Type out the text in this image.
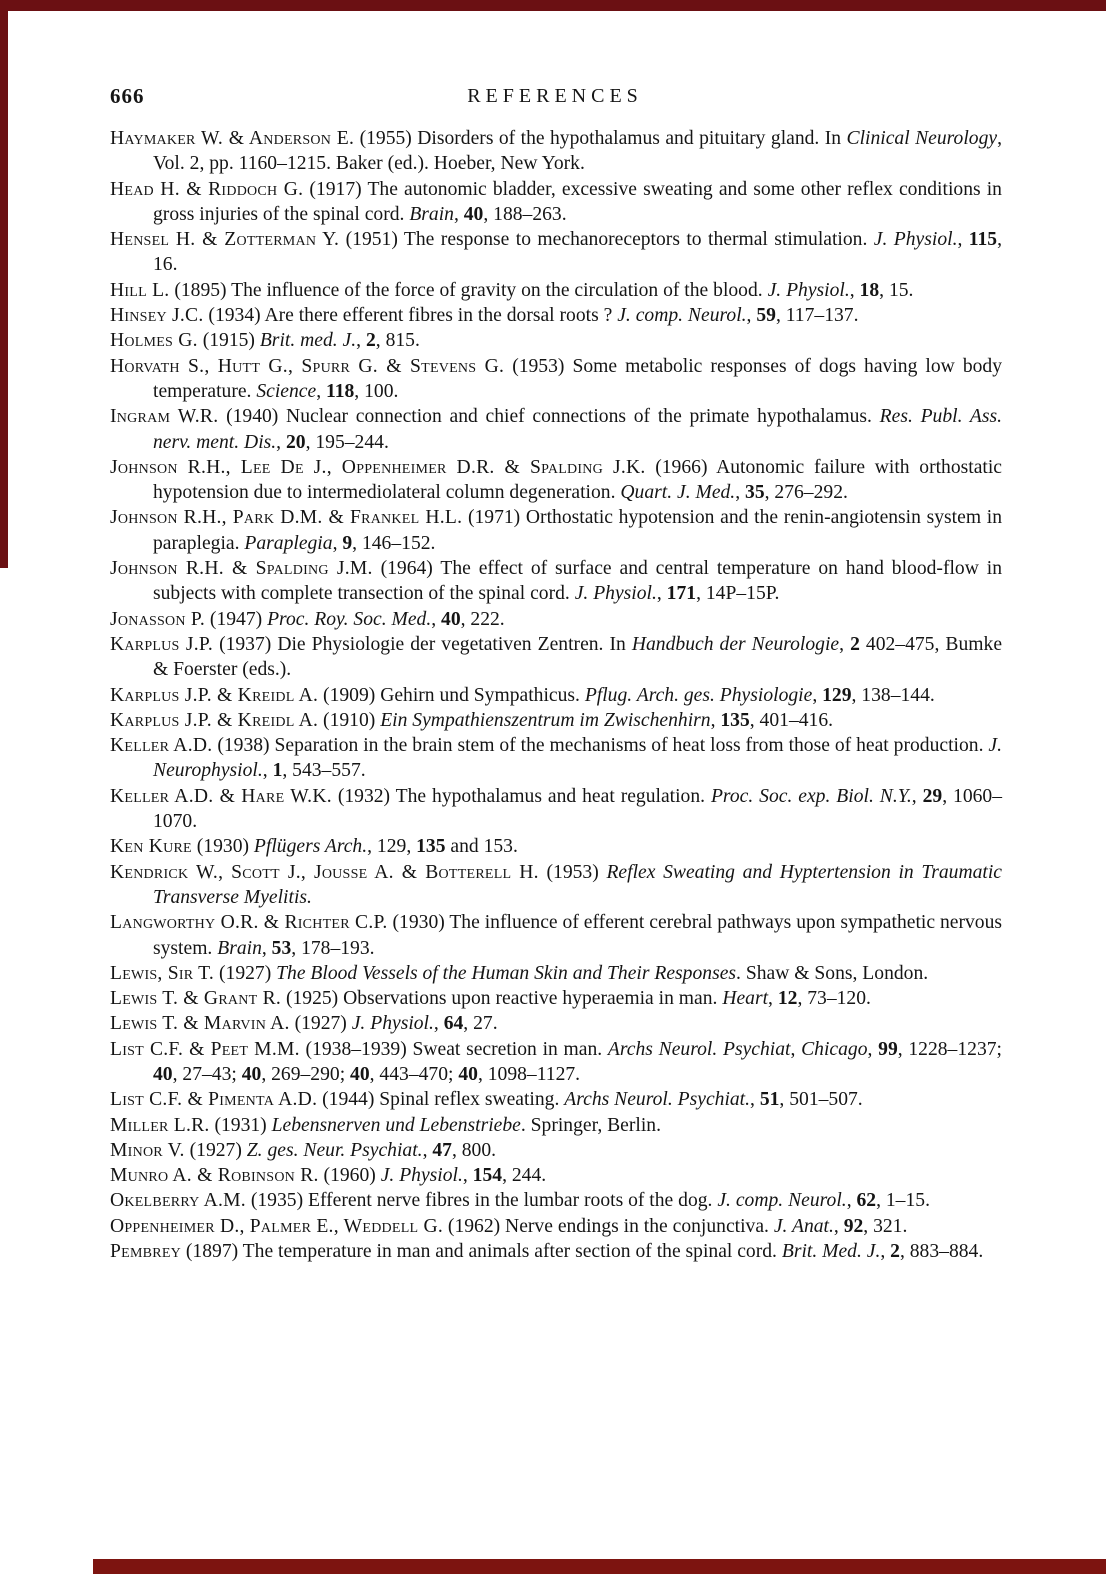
666	REFERENCES

Haymaker W. & Anderson E. (1955) Disorders of the hypothalamus and pituitary gland. In Clinical Neurology, Vol. 2, pp. 1160–1215. Baker (ed.). Hoeber, New York.

Head H. & Riddoch G. (1917) The autonomic bladder, excessive sweating and some other reflex conditions in gross injuries of the spinal cord. Brain, 40, 188–263.

Hensel H. & Zotterman Y. (1951) The response to mechanoreceptors to thermal stimulation. J. Physiol., 115, 16.

Hill L. (1895) The influence of the force of gravity on the circulation of the blood. J. Physiol., 18, 15.

Hinsey J.C. (1934) Are there efferent fibres in the dorsal roots ? J. comp. Neurol., 59, 117–137.

Holmes G. (1915) Brit. med. J., 2, 815.

Horvath S., Hutt G., Spurr G. & Stevens G. (1953) Some metabolic responses of dogs having low body temperature. Science, 118, 100.

Ingram W.R. (1940) Nuclear connection and chief connections of the primate hypothalamus. Res. Publ. Ass. nerv. ment. Dis., 20, 195–244.

Johnson R.H., Lee De J., Oppenheimer D.R. & Spalding J.K. (1966) Autonomic failure with orthostatic hypotension due to intermediolateral column degeneration. Quart. J. Med., 35, 276–292.

Johnson R.H., Park D.M. & Frankel H.L. (1971) Orthostatic hypotension and the renin-angiotensin system in paraplegia. Paraplegia, 9, 146–152.

Johnson R.H. & Spalding J.M. (1964) The effect of surface and central temperature on hand blood-flow in subjects with complete transection of the spinal cord. J. Physiol., 171, 14P–15P.

Jonasson P. (1947) Proc. Roy. Soc. Med., 40, 222.

Karplus J.P. (1937) Die Physiologie der vegetativen Zentren. In Handbuch der Neurologie, 2 402–475, Bumke & Foerster (eds.).

Karplus J.P. & Kreidl A. (1909) Gehirn und Sympathicus. Pflug. Arch. ges. Physiologie, 129, 138–144.

Karplus J.P. & Kreidl A. (1910) Ein Sympathienszentrum im Zwischenhirn, 135, 401–416.

Keller A.D. (1938) Separation in the brain stem of the mechanisms of heat loss from those of heat production. J. Neurophysiol., 1, 543–557.

Keller A.D. & Hare W.K. (1932) The hypothalamus and heat regulation. Proc. Soc. exp. Biol. N.Y., 29, 1060–1070.

Ken Kure (1930) Pflügers Arch., 129, 135 and 153.

Kendrick W., Scott J., Jousse A. & Botterell H. (1953) Reflex Sweating and Hyptertension in Traumatic Transverse Myelitis.

Langworthy O.R. & Richter C.P. (1930) The influence of efferent cerebral pathways upon sympathetic nervous system. Brain, 53, 178–193.

Lewis, Sir T. (1927) The Blood Vessels of the Human Skin and Their Responses. Shaw & Sons, London.

Lewis T. & Grant R. (1925) Observations upon reactive hyperaemia in man. Heart, 12, 73–120.

Lewis T. & Marvin A. (1927) J. Physiol., 64, 27.

List C.F. & Peet M.M. (1938–1939) Sweat secretion in man. Archs Neurol. Psychiat, Chicago, 99, 1228–1237; 40, 27–43; 40, 269–290; 40, 443–470; 40, 1098–1127.

List C.F. & Pimenta A.D. (1944) Spinal reflex sweating. Archs Neurol. Psychiat., 51, 501–507.

Miller L.R. (1931) Lebensnerven und Lebenstriebe. Springer, Berlin.

Minor V. (1927) Z. ges. Neur. Psychiat., 47, 800.

Munro A. & Robinson R. (1960) J. Physiol., 154, 244.

Okelberry A.M. (1935) Efferent nerve fibres in the lumbar roots of the dog. J. comp. Neurol., 62, 1–15.

Oppenheimer D., Palmer E., Weddell G. (1962) Nerve endings in the conjunctiva. J. Anat., 92, 321.

Pembrey (1897) The temperature in man and animals after section of the spinal cord. Brit. Med. J., 2, 883–884.
